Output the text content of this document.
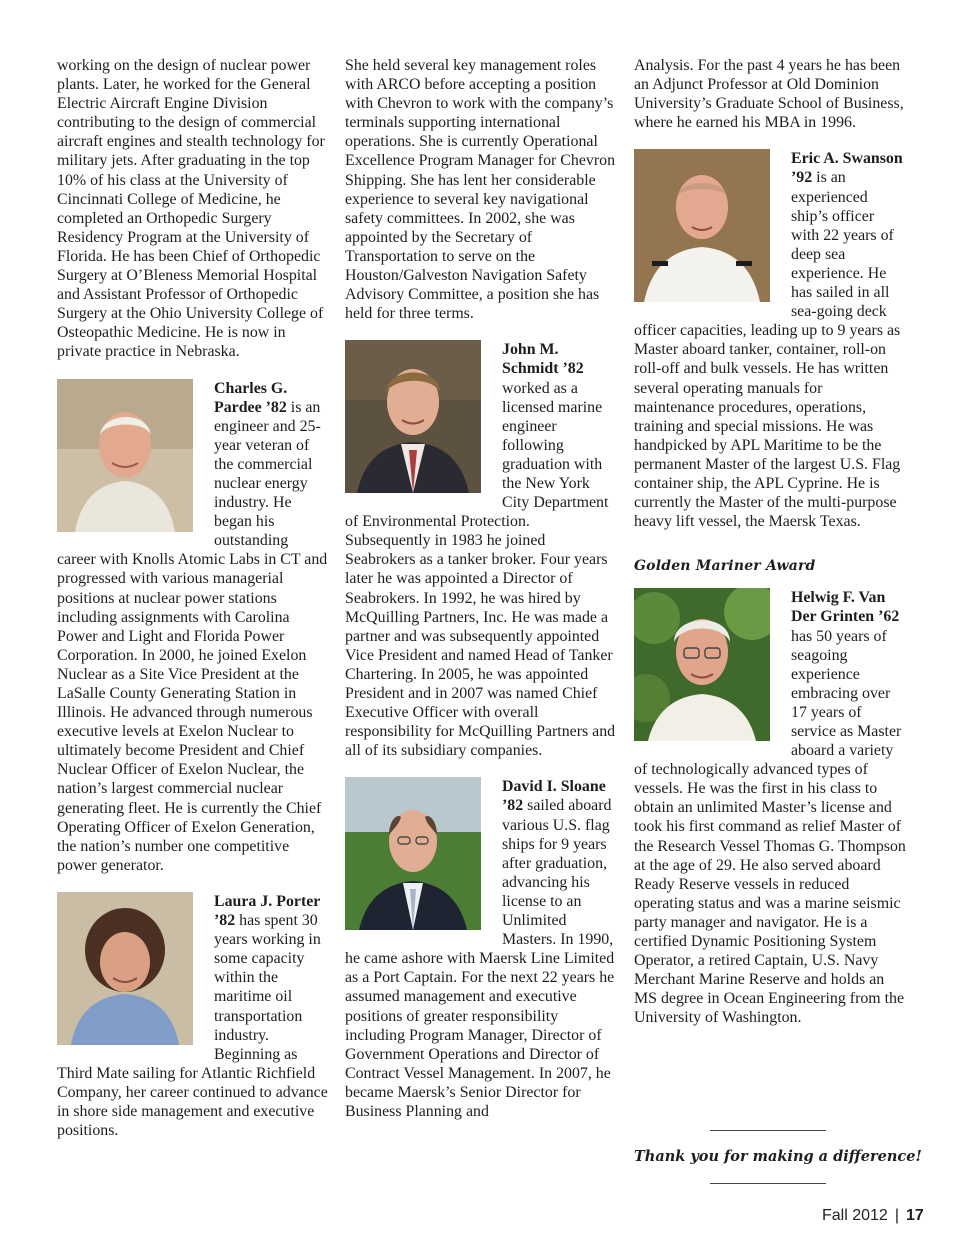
working on the design of nuclear power plants. Later, he worked for the General Electric Aircraft Engine Division contributing to the design of commercial aircraft engines and stealth technology for military jets. After graduating in the top 10% of his class at the University of Cincinnati College of Medicine, he completed an Orthopedic Surgery Residency Program at the University of Florida. He has been Chief of Orthopedic Surgery at O’Bleness Memorial Hospital and Assistant Professor of Orthopedic Surgery at the Ohio University College of Osteopathic Medicine. He is now in private practice in Nebraska.

Charles G. Pardee ’82 is an engineer and 25-year veteran of the commercial nuclear energy industry. He began his outstanding career with Knolls Atomic Labs in CT and progressed with various managerial positions at nuclear power stations including assignments with Carolina Power and Light and Florida Power Corporation. In 2000, he joined Exelon Nuclear as a Site Vice President at the LaSalle County Generating Station in Illinois. He advanced through numerous executive levels at Exelon Nuclear to ultimately become President and Chief Nuclear Officer of Exelon Nuclear, the nation’s largest commercial nuclear generating fleet. He is currently the Chief Operating Officer of Exelon Generation, the nation’s number one competitive power generator.
Laura J. Porter ’82 has spent 30 years working in some capacity within the maritime oil transportation industry. Beginning as Third Mate sailing for Atlantic Richfield Company, her career continued to advance in shore side management and executive positions.

She held several key management roles with ARCO before accepting a position with Chevron to work with the company’s terminals supporting international operations. She is currently Operational Excellence Program Manager for Chevron Shipping. She has lent her considerable experience to several key navigational safety committees. In 2002, she was appointed by the Secretary of Transportation to serve on the Houston/Galveston Navigation Safety Advisory Committee, a position she has held for three terms.

John M. Schmidt ’82 worked as a licensed marine engineer following graduation with the New York City Department of Environmental Protection. Subsequently in 1983 he joined Seabrokers as a tanker broker. Four years later he was appointed a Director of Seabrokers. In 1992, he was hired by McQuilling Partners, Inc. He was made a partner and was subsequently appointed Vice President and named Head of Tanker Chartering. In 2005, he was appointed President and in 2007 was named Chief Executive Officer with overall responsibility for McQuilling Partners and all of its subsidiary companies.
David I. Sloane ’82 sailed aboard various U.S. flag ships for 9 years after graduation, advancing his license to an Unlimited Masters. In 1990, he came ashore with Maersk Line Limited as a Port Captain. For the next 22 years he assumed management and executive positions of greater responsibility including Program Manager, Director of Government Operations and Director of Contract Vessel Management. In 2007, he became Maersk’s Senior Director for Business Planning and

Analysis. For the past 4 years he has been an Adjunct Professor at Old Dominion University’s Graduate School of Business, where he earned his MBA in 1996.

Eric A. Swanson ’92 is an experienced ship’s officer with 22 years of deep sea experience. He has sailed in all sea-going deck officer capacities, leading up to 9 years as Master aboard tanker, container, roll-on roll-off and bulk vessels. He has written several operating manuals for maintenance procedures, operations, training and special missions. He was handpicked by APL Maritime to be the permanent Master of the largest U.S. Flag container ship, the APL Cyprine. He is currently the Master of the multi-purpose heavy lift vessel, the Maersk Texas.
Golden Mariner Award
Helwig F. Van Der Grinten ’62 has 50 years of seagoing experience embracing over 17 years of service as Master aboard a variety of technologically advanced types of vessels. He was the first in his class to obtain an unlimited Master’s license and took his first command as relief Master of the Research Vessel Thomas G. Thompson at the age of 29. He also served aboard Ready Reserve vessels in reduced operating status and was a marine seismic party manager and navigator. He is a certified Dynamic Positioning System Operator, a retired Captain, U.S. Navy Merchant Marine Reserve and holds an MS degree in Ocean Engineering from the University of Washington.
Thank you for making a difference!
Fall 2012 | 17
